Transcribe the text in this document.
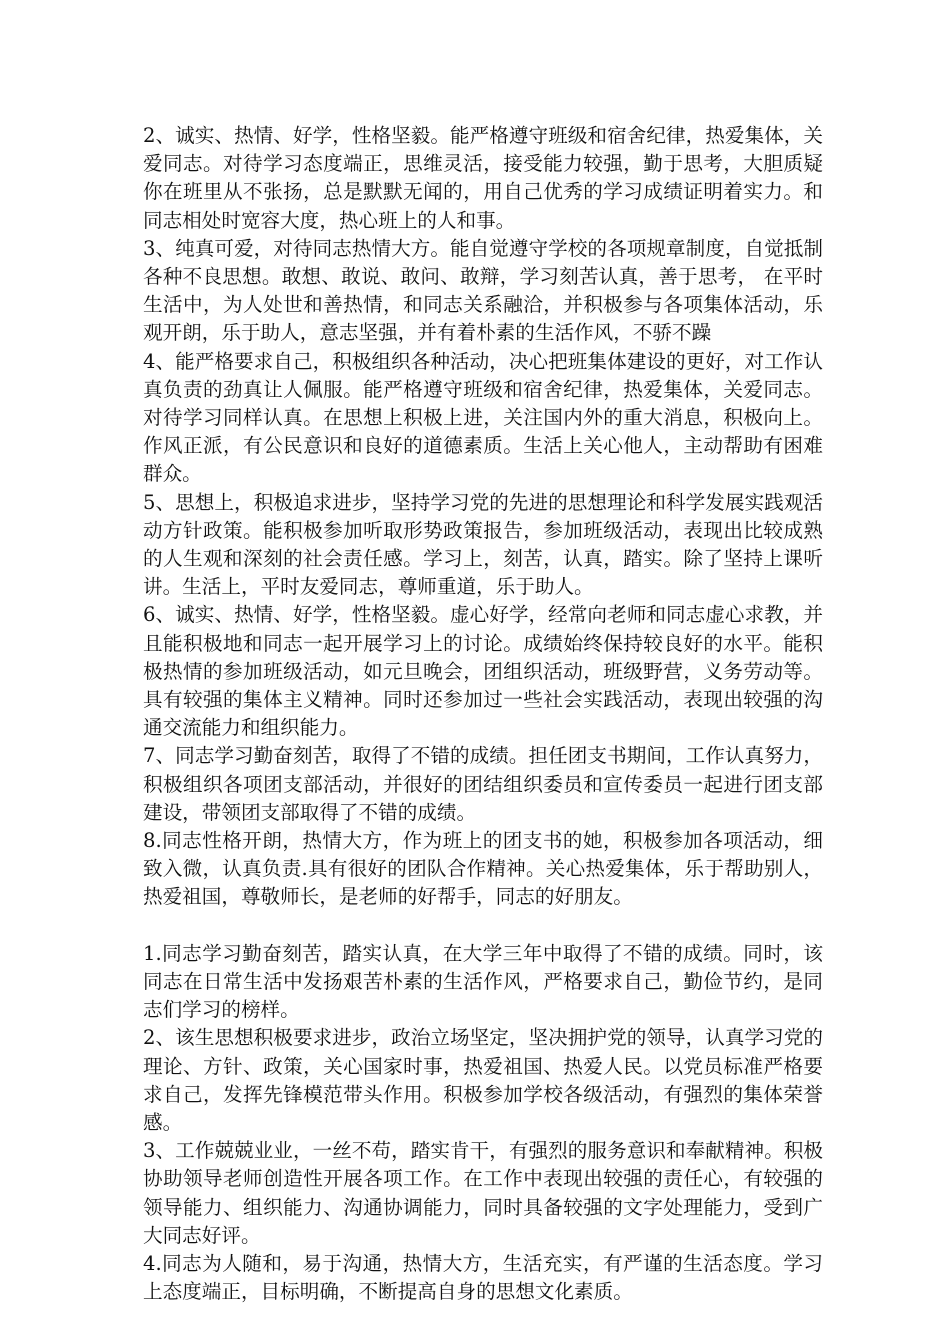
2、诚实、热情、好学，性格坚毅。能严格遵守班级和宿舍纪律，热爱集体，关爱同志。对待学习态度端正，思维灵活，接受能力较强，勤于思考，大胆质疑你在班里从不张扬，总是默默无闻的，用自己优秀的学习成绩证明着实力。和同志相处时宽容大度，热心班上的人和事。

3、纯真可爱，对待同志热情大方。能自觉遵守学校的各项规章制度，自觉抵制各种不良思想。敢想、敢说、敢问、敢辩，学习刻苦认真，善于思考， 在平时生活中，为人处世和善热情，和同志关系融洽，并积极参与各项集体活动，乐观开朗，乐于助人，意志坚强，并有着朴素的生活作风，不骄不躁

4、能严格要求自己，积极组织各种活动，决心把班集体建设的更好，对工作认真负责的劲真让人佩服。能严格遵守班级和宿舍纪律，热爱集体，关爱同志。对待学习同样认真。在思想上积极上进，关注国内外的重大消息，积极向上。作风正派，有公民意识和良好的道德素质。生活上关心他人，主动帮助有困难群众。

5、思想上，积极追求进步，坚持学习党的先进的思想理论和科学发展实践观活动方针政策。能积极参加听取形势政策报告，参加班级活动，表现出比较成熟的人生观和深刻的社会责任感。学习上，刻苦，认真，踏实。除了坚持上课听讲。生活上，平时友爱同志，尊师重道，乐于助人。

6、诚实、热情、好学，性格坚毅。虚心好学，经常向老师和同志虚心求教，并且能积极地和同志一起开展学习上的讨论。成绩始终保持较良好的水平。能积极热情的参加班级活动，如元旦晚会，团组织活动，班级野营，义务劳动等。具有较强的集体主义精神。同时还参加过一些社会实践活动，表现出较强的沟通交流能力和组织能力。

7、同志学习勤奋刻苦，取得了不错的成绩。担任团支书期间，工作认真努力，积极组织各项团支部活动，并很好的团结组织委员和宣传委员一起进行团支部建设，带领团支部取得了不错的成绩。

8.同志性格开朗，热情大方，作为班上的团支书的她，积极参加各项活动，细致入微，认真负责.具有很好的团队合作精神。关心热爱集体，乐于帮助别人，热爱祖国，尊敬师长，是老师的好帮手，同志的好朋友。

1.同志学习勤奋刻苦，踏实认真，在大学三年中取得了不错的成绩。同时，该同志在日常生活中发扬艰苦朴素的生活作风，严格要求自己，勤俭节约，是同志们学习的榜样。

2、该生思想积极要求进步，政治立场坚定，坚决拥护党的领导，认真学习党的理论、方针、政策，关心国家时事，热爱祖国、热爱人民。以党员标准严格要求自己，发挥先锋模范带头作用。积极参加学校各级活动，有强烈的集体荣誉感。

3、工作兢兢业业，一丝不苟，踏实肯干，有强烈的服务意识和奉献精神。积极协助领导老师创造性开展各项工作。在工作中表现出较强的责任心，有较强的领导能力、组织能力、沟通协调能力，同时具备较强的文字处理能力，受到广大同志好评。

4.同志为人随和，易于沟通，热情大方，生活充实，有严谨的生活态度。学习上态度端正，目标明确，不断提高自身的思想文化素质。
